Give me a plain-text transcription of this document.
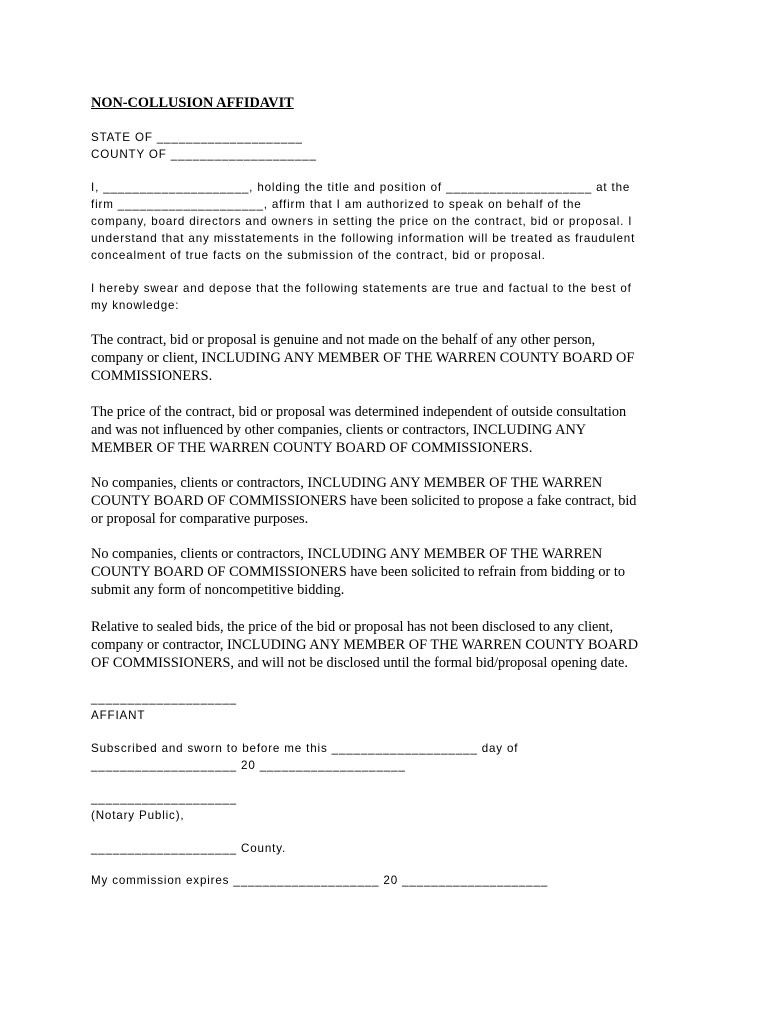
NON-COLLUSION AFFIDAVIT

STATE OF ____________________
COUNTY OF ____________________
I, ____________________, holding the title and position of ____________________ at the
firm ____________________, affirm that I am authorized to speak on behalf of the
company, board directors and owners in setting the price on the contract, bid or proposal. I
understand that any misstatements in the following information will be treated as fraudulent
concealment of true facts on the submission of the contract, bid or proposal.
I hereby swear and depose that the following statements are true and factual to the best of
my knowledge:
The contract, bid or proposal is genuine and not made on the behalf of any other person,
company or client, INCLUDING ANY MEMBER OF THE WARREN COUNTY BOARD OF
COMMISSIONERS.
The price of the contract, bid or proposal was determined independent of outside consultation
and was not influenced by other companies, clients or contractors, INCLUDING ANY
MEMBER OF THE WARREN COUNTY BOARD OF COMMISSIONERS.
No companies, clients or contractors, INCLUDING ANY MEMBER OF THE WARREN
COUNTY BOARD OF COMMISSIONERS have been solicited to propose a fake contract, bid
or proposal for comparative purposes.
No companies, clients or contractors, INCLUDING ANY MEMBER OF THE WARREN
COUNTY BOARD OF COMMISSIONERS have been solicited to refrain from bidding or to
submit any form of noncompetitive bidding.
Relative to sealed bids, the price of the bid or proposal has not been disclosed to any client,
company or contractor, INCLUDING ANY MEMBER OF THE WARREN COUNTY BOARD
OF COMMISSIONERS, and will not be disclosed until the formal bid/proposal opening date.
____________________
AFFIANT
Subscribed and sworn to before me this ____________________ day of
____________________ 20 ____________________
____________________
(Notary Public),
____________________ County.
My commission expires ____________________ 20 ____________________
